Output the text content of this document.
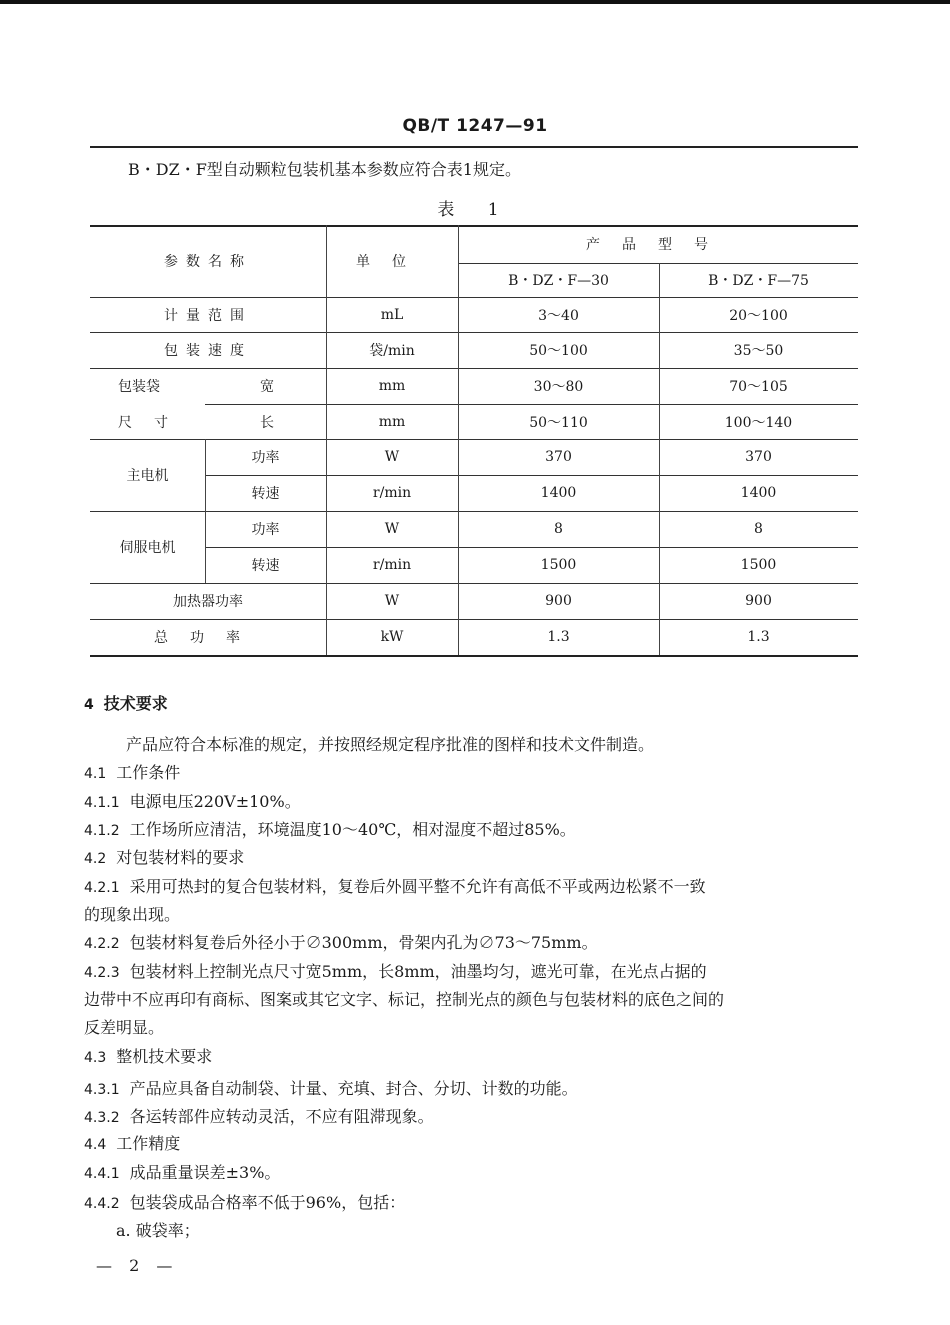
QB/T 1247—91
B・DZ・F型自动颗粒包装机基本参数应符合表1规定。
表 1
参数名称	单位
产品型号
B・DZ・F—30	B・DZ・F—75
计量范围	mL	3～40	20～100
包装速度	袋/min	50～100	35～50
包装袋
尺寸
宽	mm	30～80	70～105
长	mm	50～110	100～140
主电机
功率	W	370	370
转速	r/min	1400	1400
伺服电机
功率	W	8	8
转速	r/min	1500	1500
加热器功率	W	900	900
总功率	kW	1.3	1.3
4 技术要求
产品应符合本标准的规定，并按照经规定程序批准的图样和技术文件制造。
4.1 工作条件
4.1.1 电源电压220V±10%。
4.1.2 工作场所应清洁，环境温度10～40℃，相对湿度不超过85%。
4.2 对包装材料的要求
4.2.1 采用可热封的复合包装材料，复卷后外圆平整不允许有高低不平或两边松紧不一致
的现象出现。
4.2.2 包装材料复卷后外径小于∅300mm，骨架内孔为∅73～75mm。
4.2.3 包装材料上控制光点尺寸宽5mm，长8mm，油墨均匀，遮光可靠，在光点占据的
边带中不应再印有商标、图案或其它文字、标记，控制光点的颜色与包装材料的底色之间的
反差明显。
4.3 整机技术要求
4.3.1 产品应具备自动制袋、计量、充填、封合、分切、计数的功能。
4.3.2 各运转部件应转动灵活，不应有阻滞现象。
4.4 工作精度
4.4.1 成品重量误差±3%。
4.4.2 包装袋成品合格率不低于96%，包括：
a. 破袋率；
— 2 —
